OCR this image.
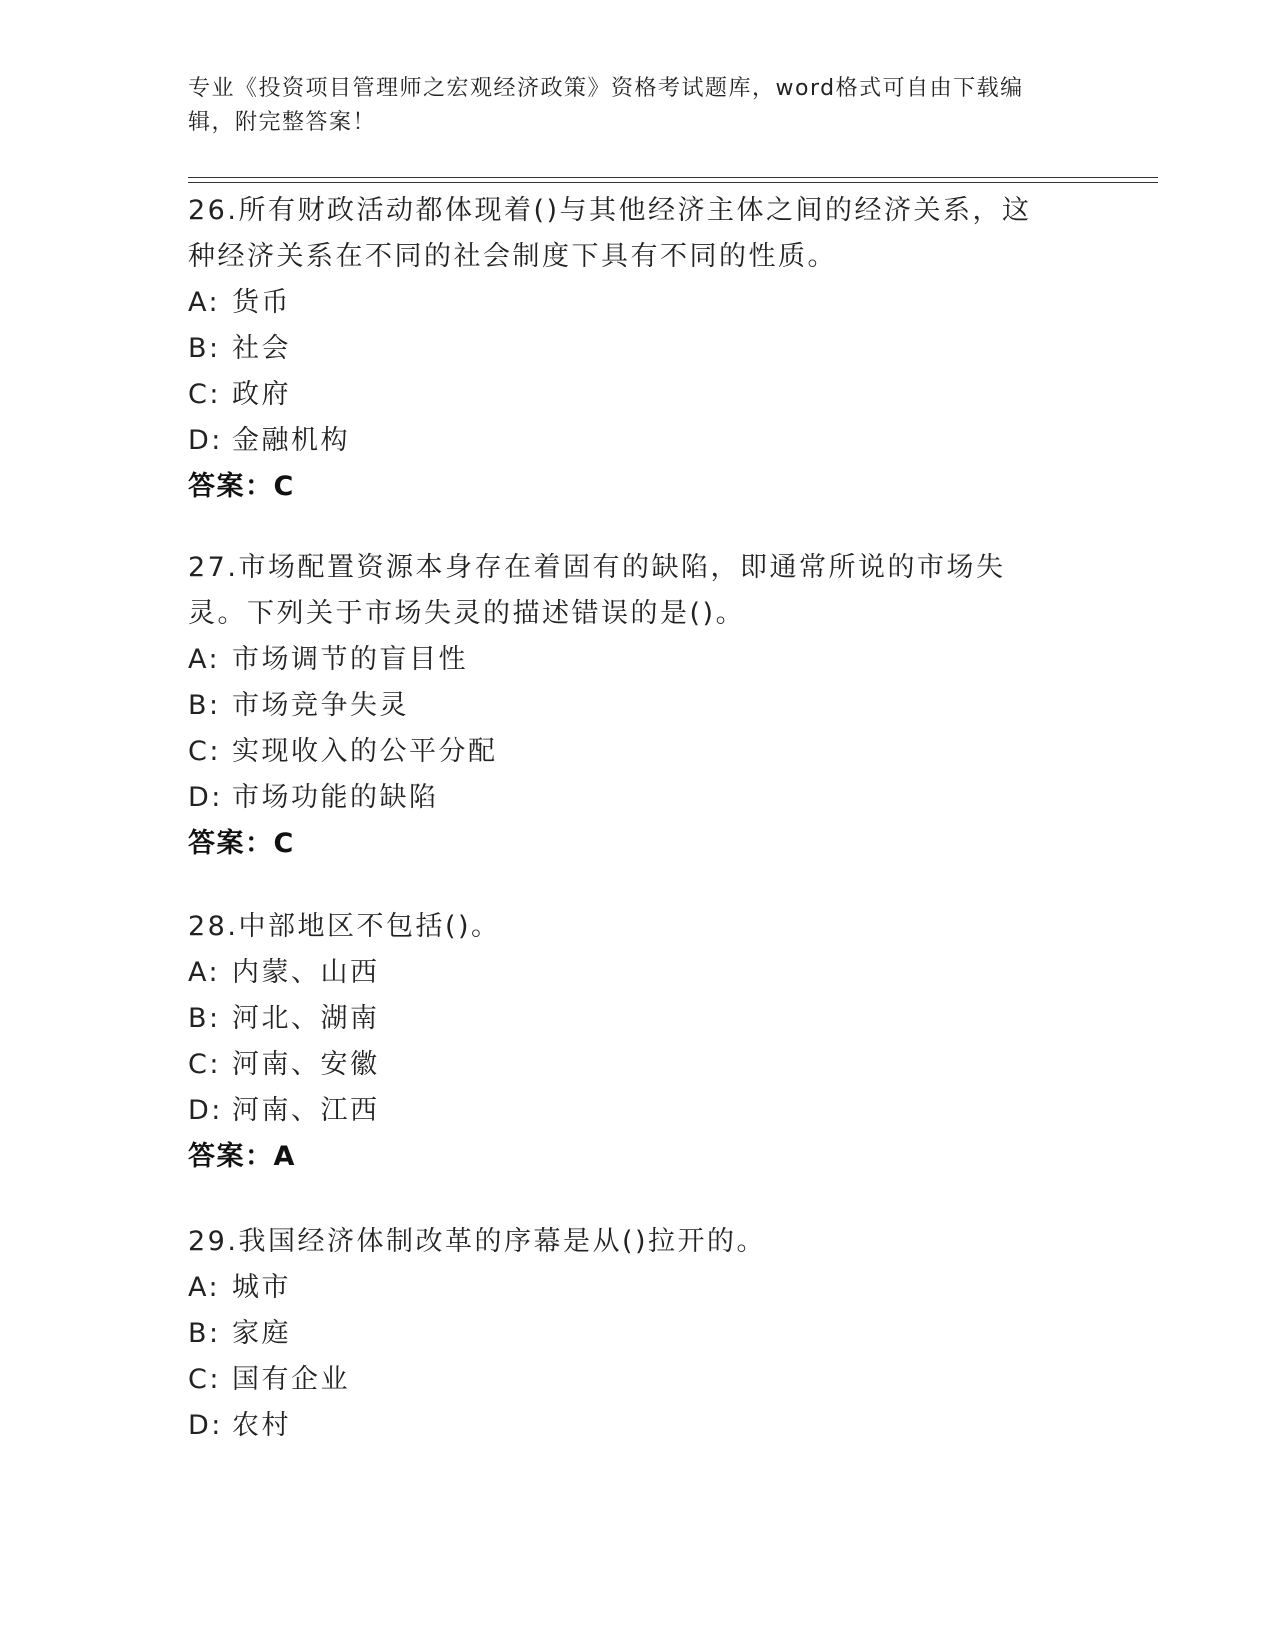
专业《投资项目管理师之宏观经济政策》资格考试题库，word格式可自由下载编辑，附完整答案！

26.所有财政活动都体现着()与其他经济主体之间的经济关系，这种经济关系在不同的社会制度下具有不同的性质。

A: 货币
B: 社会
C: 政府
D: 金融机构
答案：C

27.市场配置资源本身存在着固有的缺陷，即通常所说的市场失灵。下列关于市场失灵的描述错误的是()。

A: 市场调节的盲目性
B: 市场竞争失灵
C: 实现收入的公平分配
D: 市场功能的缺陷
答案：C

28.中部地区不包括()。

A: 内蒙、山西
B: 河北、湖南
C: 河南、安徽
D: 河南、江西
答案：A

29.我国经济体制改革的序幕是从()拉开的。

A: 城市
B: 家庭
C: 国有企业
D: 农村
